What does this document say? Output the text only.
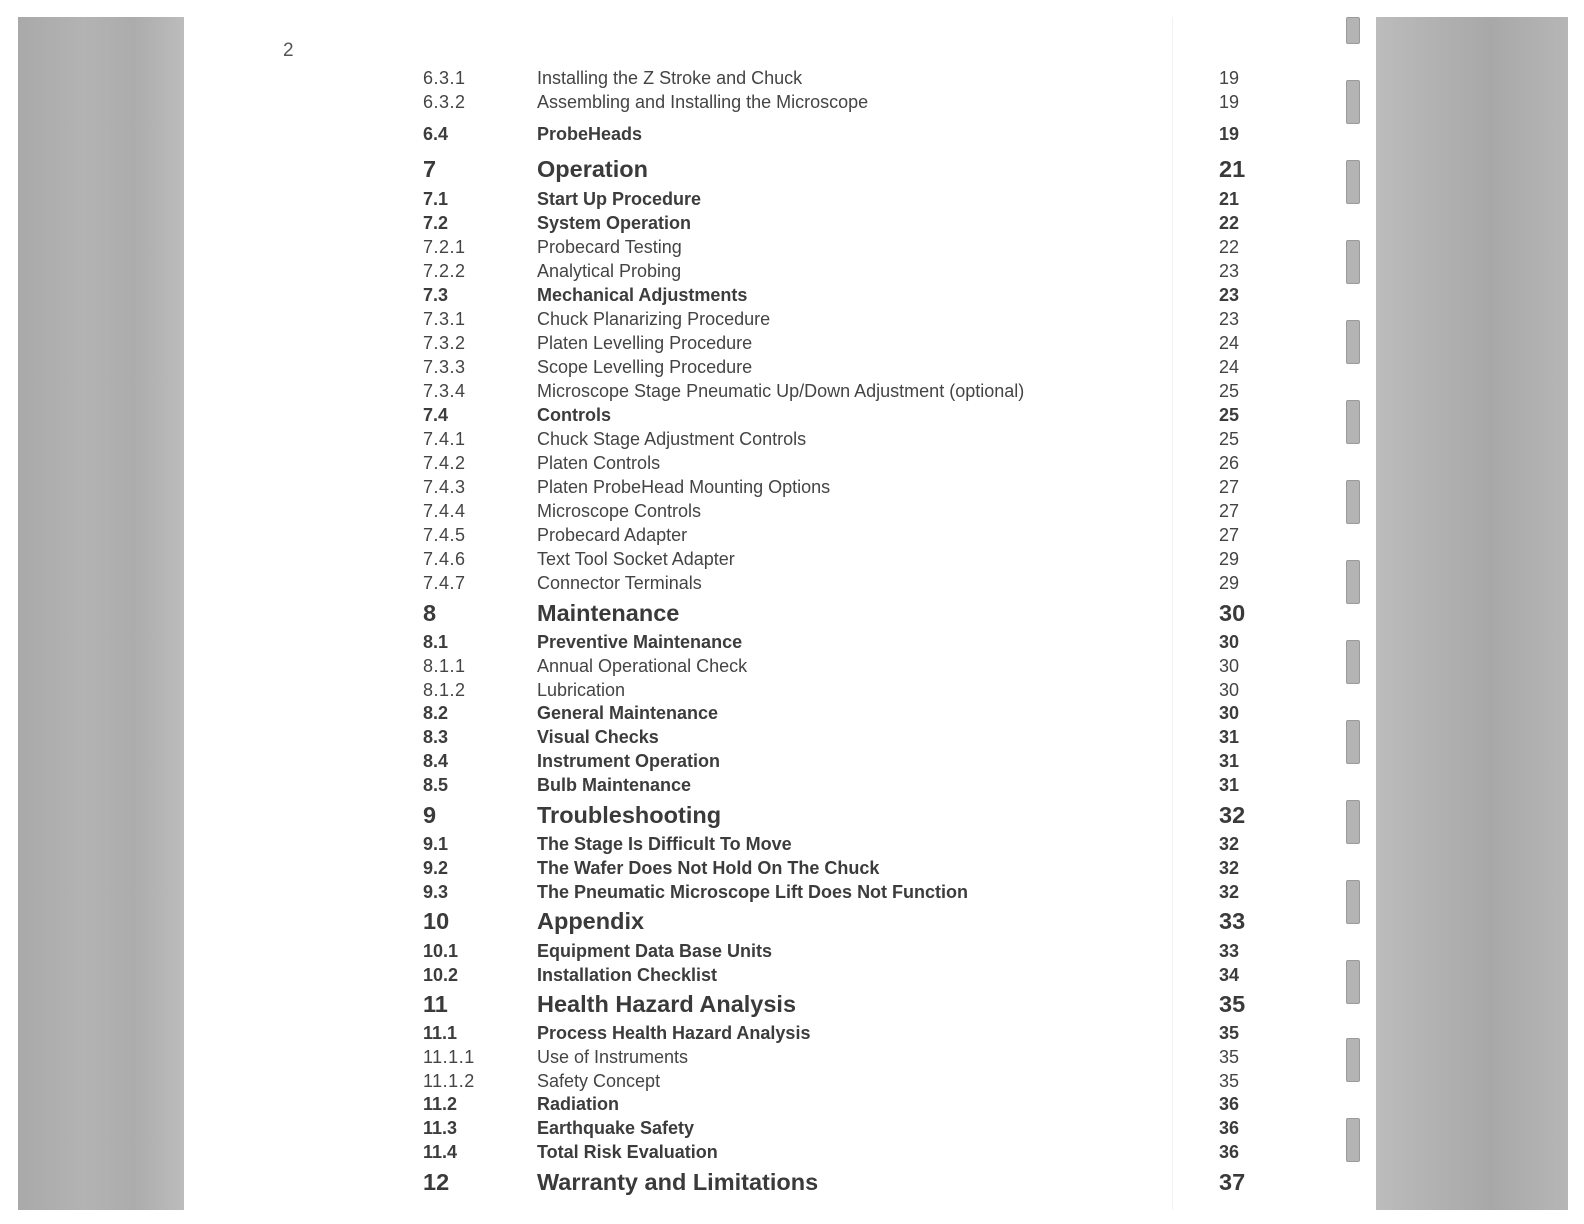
2
6.3.1	Installing the Z Stroke and Chuck	19
6.3.2	Assembling and Installing the Microscope	19
6.4	ProbeHeads	19
7	Operation	21
7.1	Start Up Procedure	21
7.2	System Operation	22
7.2.1	Probecard Testing	22
7.2.2	Analytical Probing	23
7.3	Mechanical Adjustments	23
7.3.1	Chuck Planarizing Procedure	23
7.3.2	Platen Levelling Procedure	24
7.3.3	Scope Levelling Procedure	24
7.3.4	Microscope Stage Pneumatic Up/Down Adjustment (optional)	25
7.4	Controls	25
7.4.1	Chuck Stage Adjustment Controls	25
7.4.2	Platen Controls	26
7.4.3	Platen ProbeHead Mounting Options	27
7.4.4	Microscope Controls	27
7.4.5	Probecard Adapter	27
7.4.6	Text Tool Socket Adapter	29
7.4.7	Connector Terminals	29
8	Maintenance	30
8.1	Preventive Maintenance	30
8.1.1	Annual Operational Check	30
8.1.2	Lubrication	30
8.2	General Maintenance	30
8.3	Visual Checks	31
8.4	Instrument Operation	31
8.5	Bulb Maintenance	31
9	Troubleshooting	32
9.1	The Stage Is Difficult To Move	32
9.2	The Wafer Does Not Hold On The Chuck	32
9.3	The Pneumatic Microscope Lift Does Not Function	32
10	Appendix	33
10.1	Equipment Data Base Units	33
10.2	Installation Checklist	34
11	Health Hazard Analysis	35
11.1	Process Health Hazard Analysis	35
11.1.1	Use of Instruments	35
11.1.2	Safety Concept	35
11.2	Radiation	36
11.3	Earthquake Safety	36
11.4	Total Risk Evaluation	36
12	Warranty and Limitations	37
